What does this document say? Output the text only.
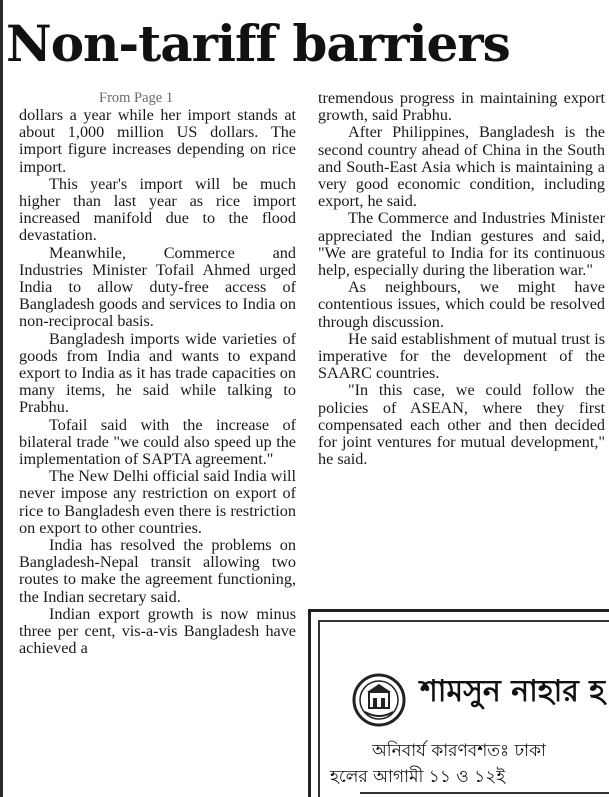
Non-tariff barriers

From Page 1

dollars a year while her import stands at about 1,000 million US dollars. The import figure increases depending on rice import.

This year's import will be much higher than last year as rice import increased manifold due to the flood devastation.

Meanwhile, Commerce and Industries Minister Tofail Ahmed urged India to allow duty-free access of Bangladesh goods and services to India on non-reciprocal basis.

Bangladesh imports wide varieties of goods from India and wants to expand export to India as it has trade capacities on many items, he said while talking to Prabhu.

Tofail said with the increase of bilateral trade "we could also speed up the implementation of SAPTA agreement."

The New Delhi official said India will never impose any restriction on export of rice to Bangladesh even there is restriction on export to other countries.

India has resolved the problems on Bangladesh-Nepal transit allowing two routes to make the agreement functioning, the Indian secretary said.

Indian export growth is now minus three per cent, vis-a-vis Bangladesh have achieved a

tremendous progress in maintaining export growth, said Prabhu.

After Philippines, Bangladesh is the second country ahead of China in the South and South-East Asia which is maintaining a very good economic condition, including export, he said.

The Commerce and Industries Minister appreciated the Indian gestures and said, "We are grateful to India for its continuous help, especially during the liberation war."

As neighbours, we might have contentious issues, which could be resolved through discussion.

He said establishment of mutual trust is imperative for the development of the SAARC countries.

"In this case, we could follow the policies of ASEAN, where they first compensated each other and then decided for joint ventures for mutual development," he said.

শামসুন নাহার হ
অনিবার্য কারণবশতঃ ঢাকা
হলের আগামী ১১ ও ১২ই
